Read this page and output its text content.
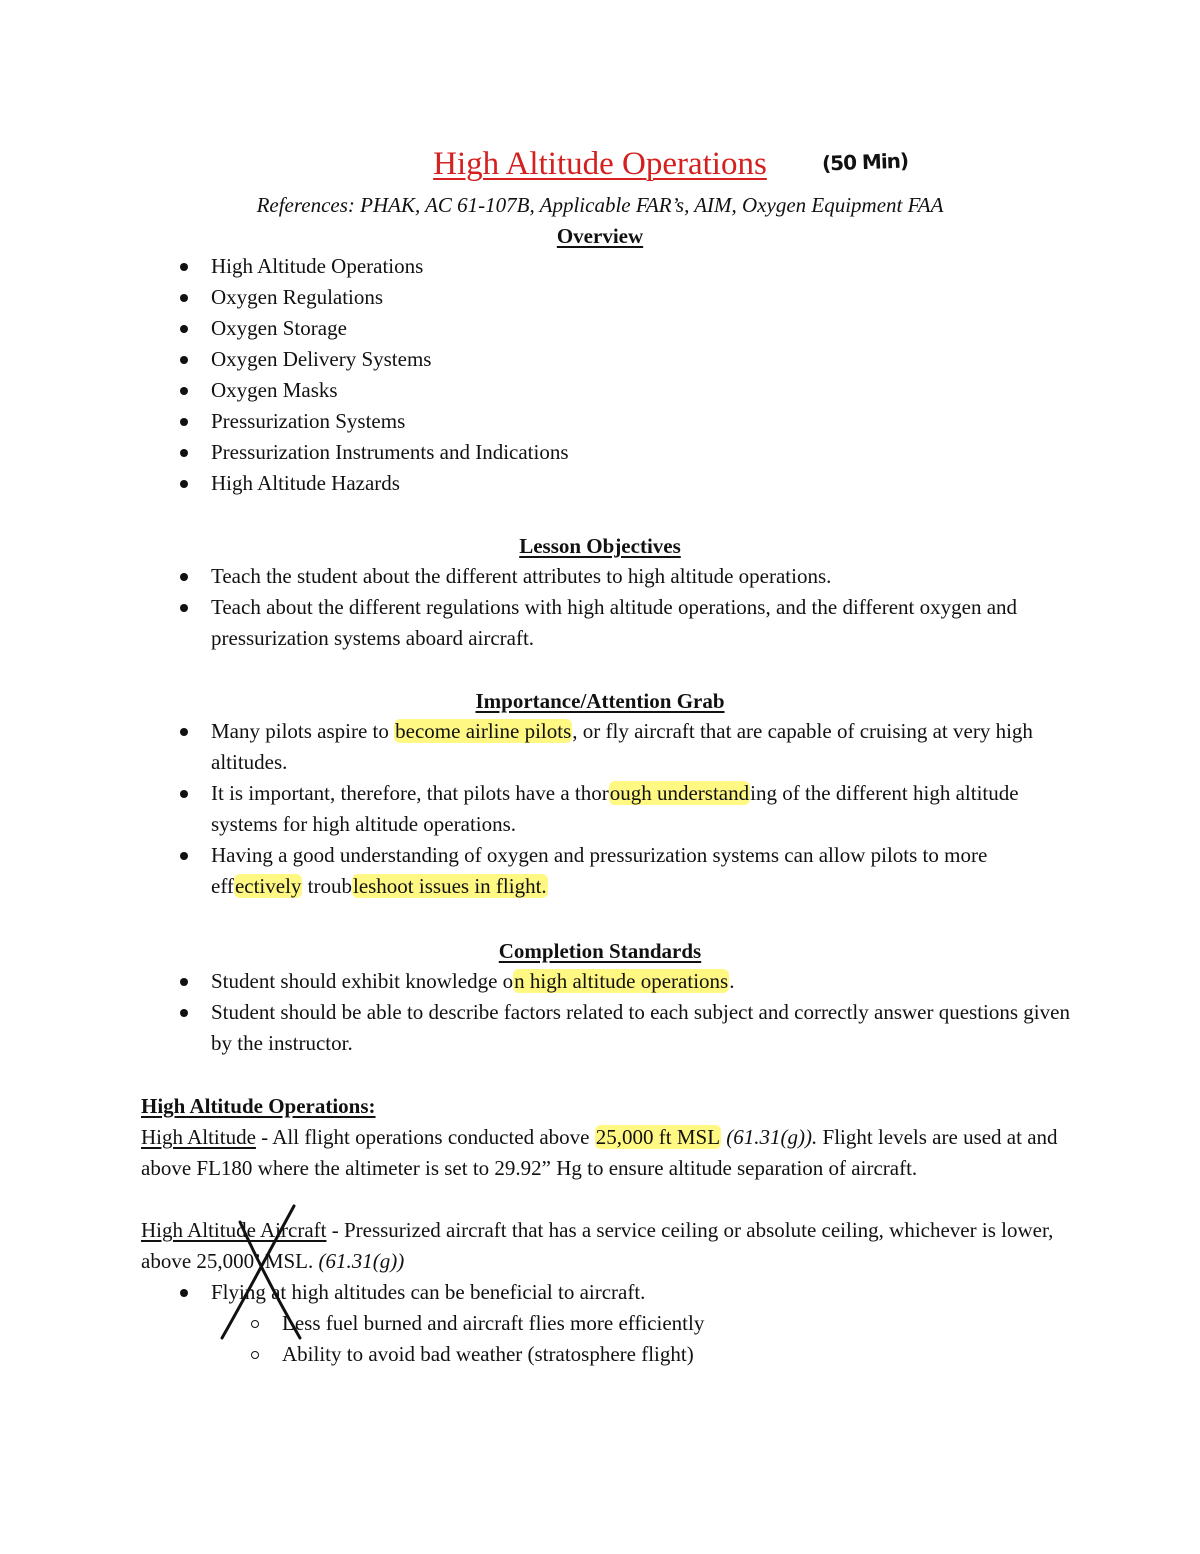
High Altitude Operations	(50 Min)
References: PHAK, AC 61-107B, Applicable FAR’s, AIM, Oxygen Equipment FAA
Overview
High Altitude Operations
Oxygen Regulations
Oxygen Storage
Oxygen Delivery Systems
Oxygen Masks
Pressurization Systems
Pressurization Instruments and Indications
High Altitude Hazards
Lesson Objectives
Teach the student about the different attributes to high altitude operations.
Teach about the different regulations with high altitude operations, and the different oxygen and pressurization systems aboard aircraft.
Importance/Attention Grab
Many pilots aspire to become airline pilots, or fly aircraft that are capable of cruising at very high altitudes.
It is important, therefore, that pilots have a thorough understanding of the different high altitude systems for high altitude operations.
Having a good understanding of oxygen and pressurization systems can allow pilots to more effectively troubleshoot issues in flight.
Completion Standards
Student should exhibit knowledge on high altitude operations.
Student should be able to describe factors related to each subject and correctly answer questions given by the instructor.
High Altitude Operations:
High Altitude - All flight operations conducted above 25,000 ft MSL (61.31(g)). Flight levels are used at and above FL180 where the altimeter is set to 29.92” Hg to ensure altitude separation of aircraft.
High Altitude Aircraft - Pressurized aircraft that has a service ceiling or absolute ceiling, whichever is lower, above 25,000’ MSL. (61.31(g))
Flying at high altitudes can be beneficial to aircraft.
Less fuel burned and aircraft flies more efficiently
Ability to avoid bad weather (stratosphere flight)
